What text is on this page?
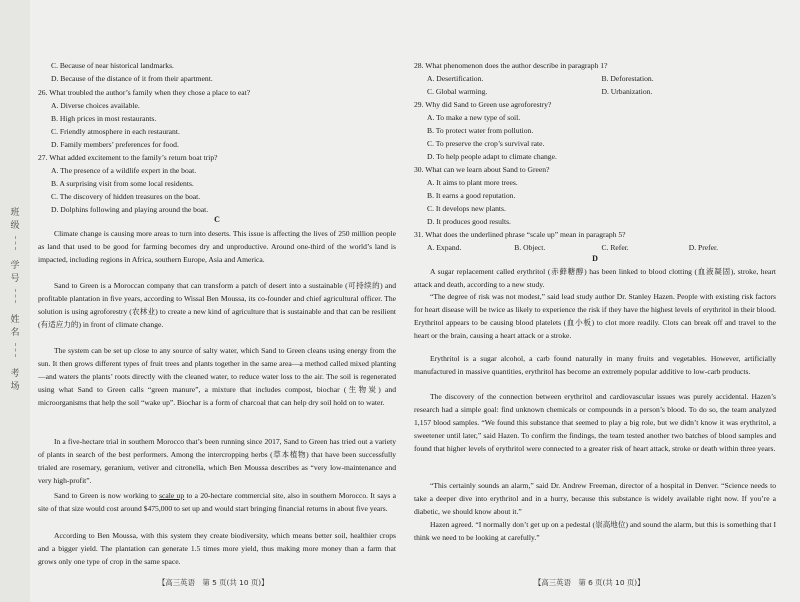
班
级
学
号
姓
名
考
场
C. Because of near historical landmarks.
D. Because of the distance of it from their apartment.
26. What troubled the author’s family when they chose a place to eat?
A. Diverse choices available.
B. High prices in most restaurants.
C. Friendly atmosphere in each restaurant.
D. Family members’ preferences for food.
27. What added excitement to the family’s return boat trip?
A. The presence of a wildlife expert in the boat.
B. A surprising visit from some local residents.
C. The discovery of hidden treasures on the boat.
D. Dolphins following and playing around the boat.
C
Climate change is causing more areas to turn into deserts. This issue is affecting the lives of 250 million people as land that used to be good for farming becomes dry and unproductive. Around one-third of the world’s land is impacted, including regions in Africa, southern Europe, Asia and America.
Sand to Green is a Moroccan company that can transform a patch of desert into a sustainable (可持续的) and profitable plantation in five years, according to Wissal Ben Moussa, its co-founder and chief agricultural officer. The solution is using agroforestry (农林业) to create a new kind of agriculture that is sustainable and that can be resilient (有适应力的) in front of climate change.
The system can be set up close to any source of salty water, which Sand to Green cleans using energy from the sun. It then grows different types of fruit trees and plants together in the same area—a method called mixed planting—and waters the plants’ roots directly with the cleaned water, to reduce water loss to the air. The soil is regenerated using what Sand to Green calls “green manure”, a mixture that includes compost, biochar (生物炭) and microorganisms that help the soil “wake up”. Biochar is a form of charcoal that can help dry soil hold on to water.
In a five-hectare trial in southern Morocco that’s been running since 2017, Sand to Green has tried out a variety of plants in search of the best performers. Among the intercropping herbs (草本植物) that have been successfully trialed are rosemary, geranium, vetiver and citronella, which Ben Moussa describes as “very low-maintenance and very high-profit”.
Sand to Green is now working to scale up to a 20-hectare commercial site, also in southern Morocco. It says a site of that size would cost around $475,000 to set up and would start bringing financial returns in about five years.
According to Ben Moussa, with this system they create biodiversity, which means better soil, healthier crops and a bigger yield. The plantation can generate 1.5 times more yield, thus making more money than a farm that grows only one type of crop in the same space.
【高三英语　第 5 页(共 10 页)】
28. What phenomenon does the author describe in paragraph 1?
A. Desertification.	B. Deforestation.
C. Global warming.	D. Urbanization.
29. Why did Sand to Green use agroforestry?
A. To make a new type of soil.
B. To protect water from pollution.
C. To preserve the crop’s survival rate.
D. To help people adapt to climate change.
30. What can we learn about Sand to Green?
A. It aims to plant more trees.
B. It earns a good reputation.
C. It develops new plants.
D. It produces good results.
31. What does the underlined phrase “scale up” mean in paragraph 5?
A. Expand.	B. Object.	C. Refer.	D. Prefer.
D
A sugar replacement called erythritol (赤藓糖醇) has been linked to blood clotting (血液凝固), stroke, heart attack and death, according to a new study.
“The degree of risk was not modest,” said lead study author Dr. Stanley Hazen. People with existing risk factors for heart disease will be twice as likely to experience the risk if they have the highest levels of erythritol in their blood. Erythritol appears to be causing blood platelets (血小板) to clot more readily. Clots can break off and travel to the heart or the brain, causing a heart attack or a stroke.
Erythritol is a sugar alcohol, a carb found naturally in many fruits and vegetables. However, artificially manufactured in massive quantities, erythritol has become an extremely popular additive to low-carb products.
The discovery of the connection between erythritol and cardiovascular issues was purely accidental. Hazen’s research had a simple goal: find unknown chemicals or compounds in a person’s blood. To do so, the team analyzed 1,157 blood samples. “We found this substance that seemed to play a big role, but we didn’t know it was erythritol, a sweetener until later,” said Hazen. To confirm the findings, the team tested another two batches of blood samples and found that higher levels of erythritol were connected to a greater risk of heart attack, stroke or death within three years.
“This certainly sounds an alarm,” said Dr. Andrew Freeman, director of a hospital in Denver. “Science needs to take a deeper dive into erythritol and in a hurry, because this substance is widely available right now. If you’re a diabetic, we should know about it.”
Hazen agreed. “I normally don’t get up on a pedestal (崇高地位) and sound the alarm, but this is something that I think we need to be looking at carefully.”
【高三英语　第 6 页(共 10 页)】
